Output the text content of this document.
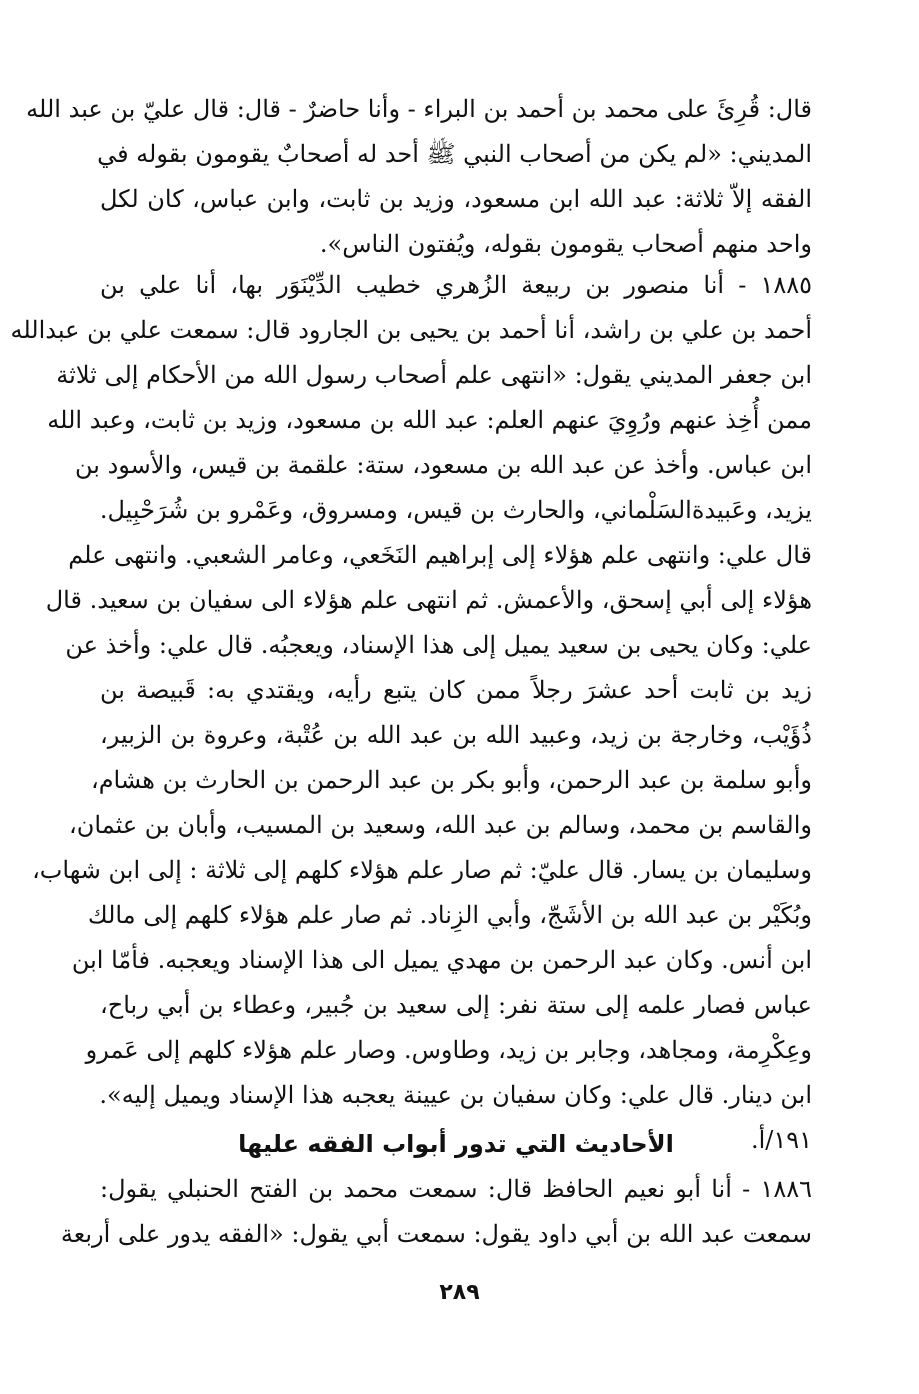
قال: قُرِئَ على محمد بن أحمد بن البراء - وأنا حاضرٌ - قال: قال عليّ بن عبد الله
المديني: «لم يكن من أصحاب النبي ﷺ أحد له أصحابٌ يقومون بقوله في
الفقه إلاّ ثلاثة: عبد الله ابن مسعود، وزيد بن ثابت، وابن عباس، كان لكل
واحد منهم أصحاب يقومون بقوله، ويُفتون الناس».
١٨٨٥ - أنا منصور بن ربيعة الزُهري خطيب الدِّيْنَوَر بها، أنا علي بن
أحمد بن علي بن راشد، أنا أحمد بن يحيى بن الجارود قال: سمعت علي بن عبدالله
ابن جعفر المديني يقول: «انتهى علم أصحاب رسول الله من الأحكام إلى ثلاثة
ممن أُخِذ عنهم ورُوِيَ عنهم العلم: عبد الله بن مسعود، وزيد بن ثابت، وعبد الله
ابن عباس. وأخذ عن عبد الله بن مسعود، ستة: علقمة بن قيس، والأسود بن
يزيد، وعَبيدةالسَلْماني، والحارث بن قيس، ومسروق، وعَمْرو بن شُرَحْبِيل.
قال علي: وانتهى علم هؤلاء إلى إبراهيم النَخَعي، وعامر الشعبي. وانتهى علم
هؤلاء إلى أبي إسحق، والأعمش. ثم انتهى علم هؤلاء الى سفيان بن سعيد. قال
علي: وكان يحيى بن سعيد يميل إلى هذا الإسناد، ويعجبُه. قال علي: وأخذ عن
زيد بن ثابت أحد عشرَ رجلاً ممن كان يتبع رأيه، ويقتدي به: قَبيصة بن
ذُؤَيْب، وخارجة بن زيد، وعبيد الله بن عبد الله بن عُتْبة، وعروة بن الزبير،
وأبو سلمة بن عبد الرحمن، وأبو بكر بن عبد الرحمن بن الحارث بن هشام،
والقاسم بن محمد، وسالم بن عبد الله، وسعيد بن المسيب، وأبان بن عثمان،
وسليمان بن يسار. قال عليّ: ثم صار علم هؤلاء كلهم إلى ثلاثة : إلى ابن شهاب،
وبُكَيْر بن عبد الله بن الأشَجّ، وأبي الزِناد. ثم صار علم هؤلاء كلهم إلى مالك
ابن أنس. وكان عبد الرحمن بن مهدي يميل الى هذا الإسناد ويعجبه. فأمّا ابن
عباس فصار علمه إلى ستة نفر: إلى سعيد بن جُبير، وعطاء بن أبي رباح،
وعِكْرِمة، ومجاهد، وجابر بن زيد، وطاوس. وصار علم هؤلاء كلهم إلى عَمرو
ابن دينار. قال علي: وكان سفيان بن عيينة يعجبه هذا الإسناد ويميل إليه».
١٩١/أ.
الأحاديث التي تدور أبواب الفقه عليها
١٨٨٦ - أنا أبو نعيم الحافظ قال: سمعت محمد بن الفتح الحنبلي يقول:
سمعت عبد الله بن أبي داود يقول: سمعت أبي يقول: «الفقه يدور على أربعة
٢٨٩
